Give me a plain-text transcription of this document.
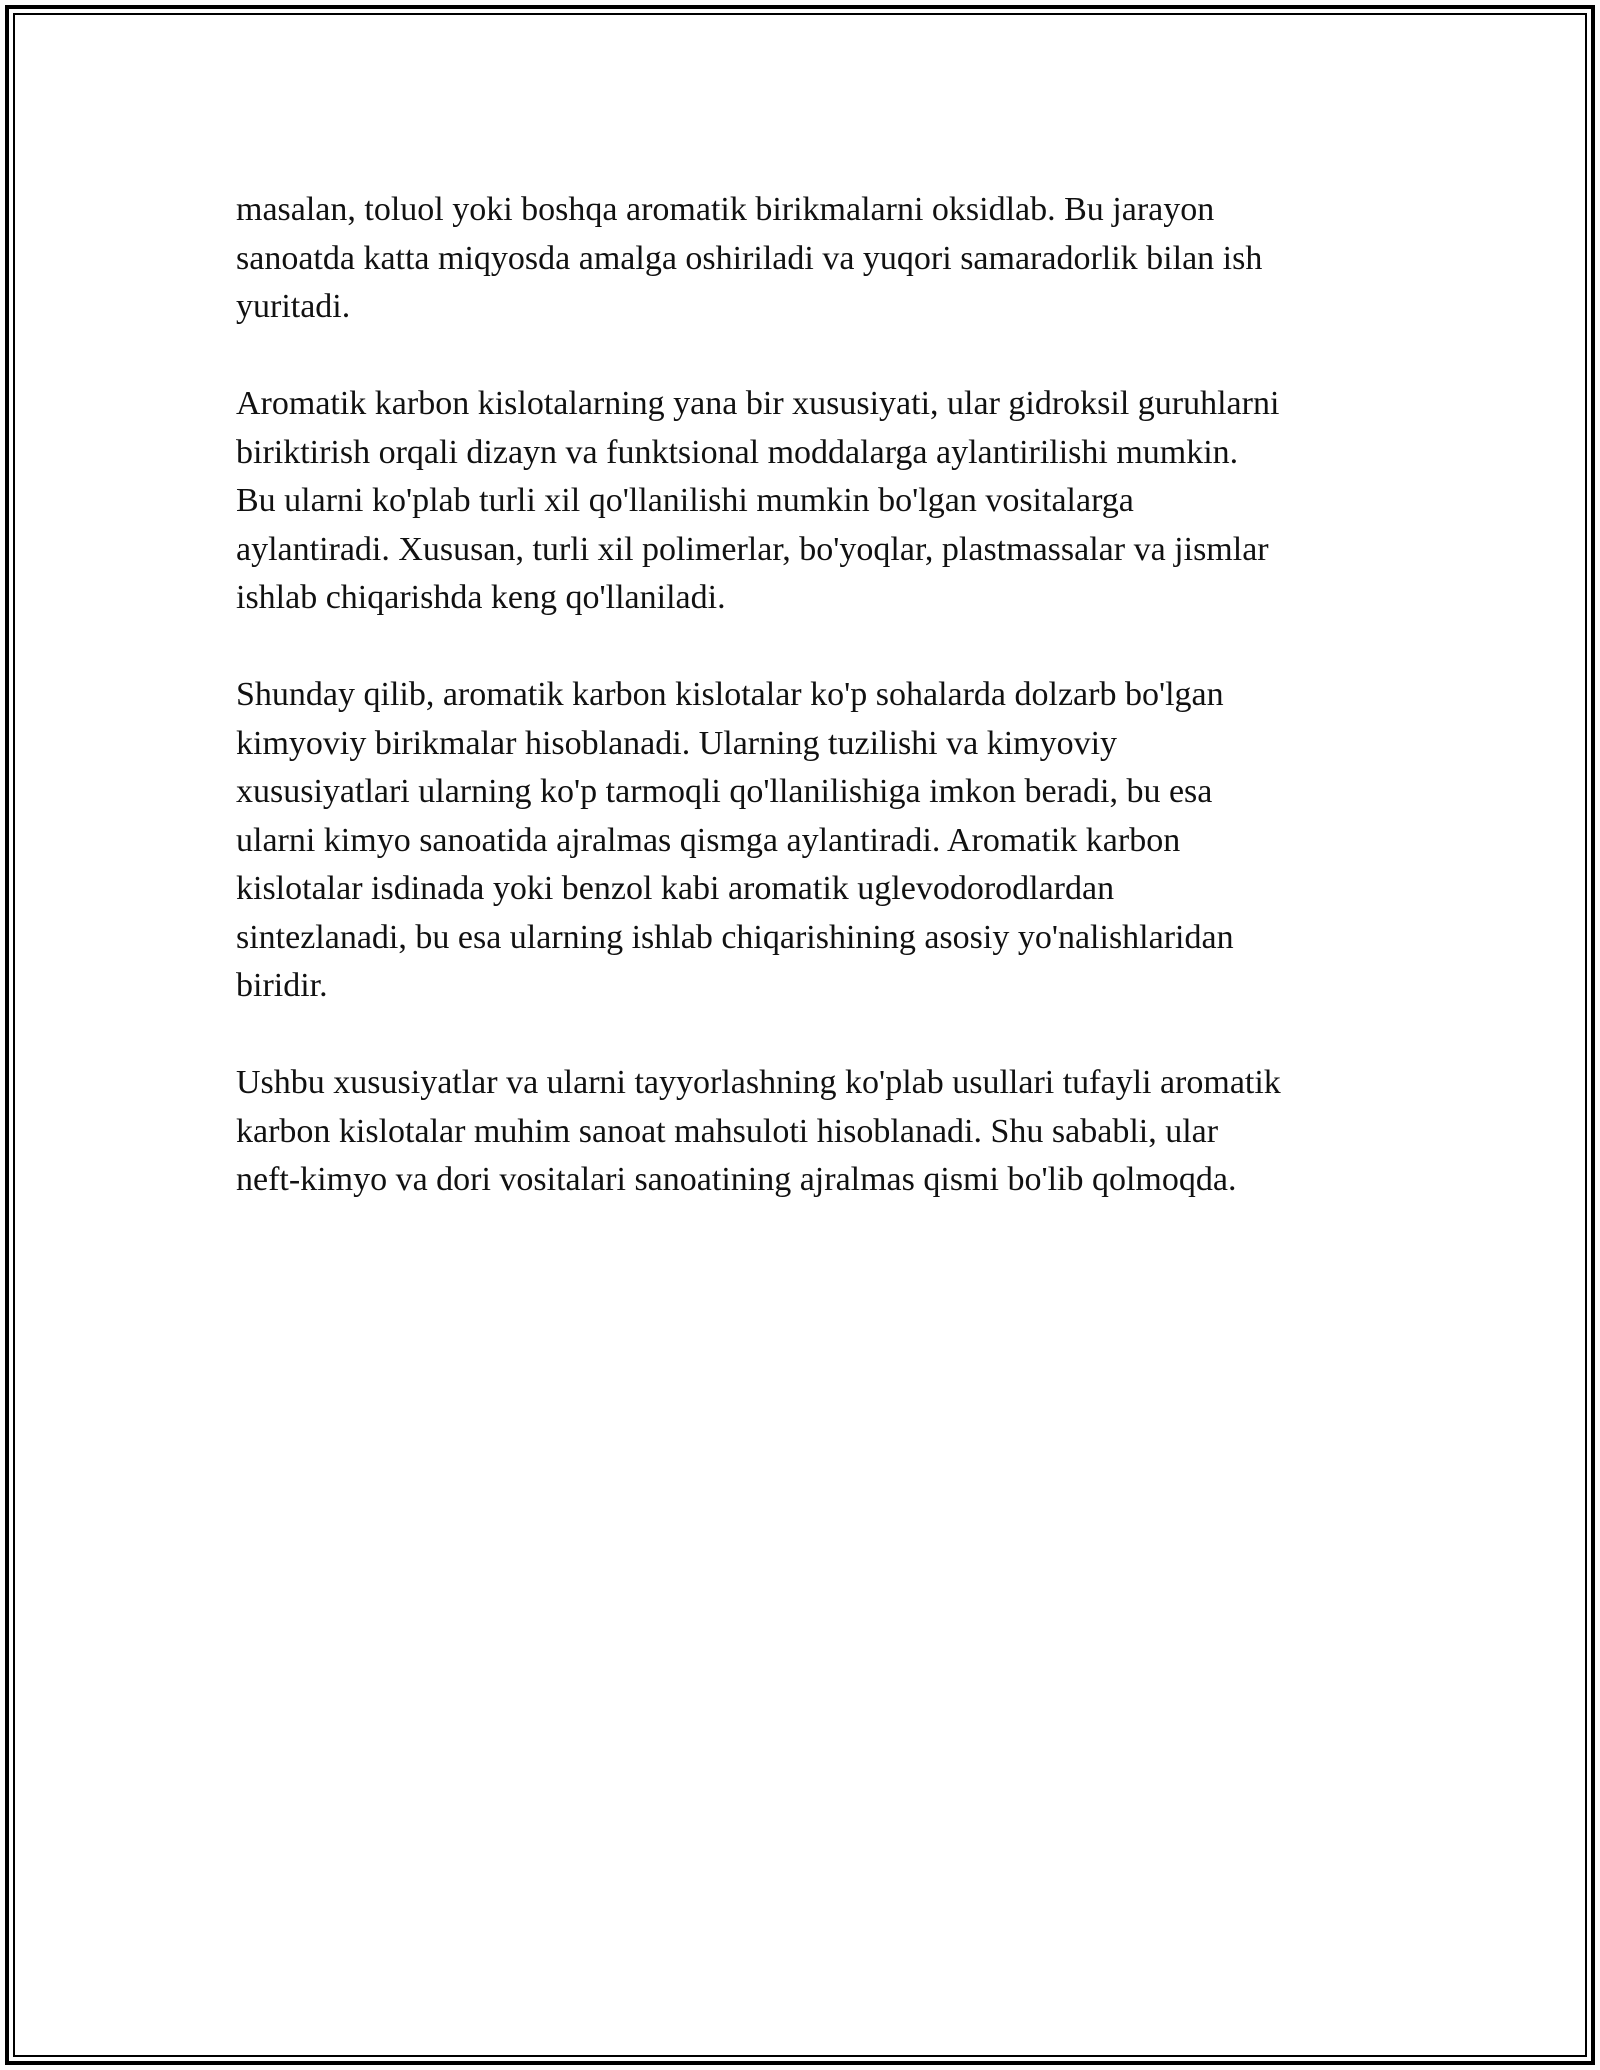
masalan, toluol yoki boshqa aromatik birikmalarni oksidlab. Bu jarayon
sanoatda katta miqyosda amalga oshiriladi va yuqori samaradorlik bilan ish
yuritadi.

Aromatik karbon kislotalarning yana bir xususiyati, ular gidroksil guruhlarni
biriktirish orqali dizayn va funktsional moddalarga aylantirilishi mumkin.
Bu ularni ko'plab turli xil qo'llanilishi mumkin bo'lgan vositalarga
aylantiradi. Xususan, turli xil polimerlar, bo'yoqlar, plastmassalar va jismlar
ishlab chiqarishda keng qo'llaniladi.

Shunday qilib, aromatik karbon kislotalar ko'p sohalarda dolzarb bo'lgan
kimyoviy birikmalar hisoblanadi. Ularning tuzilishi va kimyoviy
xususiyatlari ularning ko'p tarmoqli qo'llanilishiga imkon beradi, bu esa
ularni kimyo sanoatida ajralmas qismga aylantiradi. Aromatik karbon
kislotalar isdinada yoki benzol kabi aromatik uglevodorodlardan
sintezlanadi, bu esa ularning ishlab chiqarishining asosiy yo'nalishlaridan
biridir.

Ushbu xususiyatlar va ularni tayyorlashning ko'plab usullari tufayli aromatik
karbon kislotalar muhim sanoat mahsuloti hisoblanadi. Shu sababli, ular
neft-kimyo va dori vositalari sanoatining ajralmas qismi bo'lib qolmoqda.
